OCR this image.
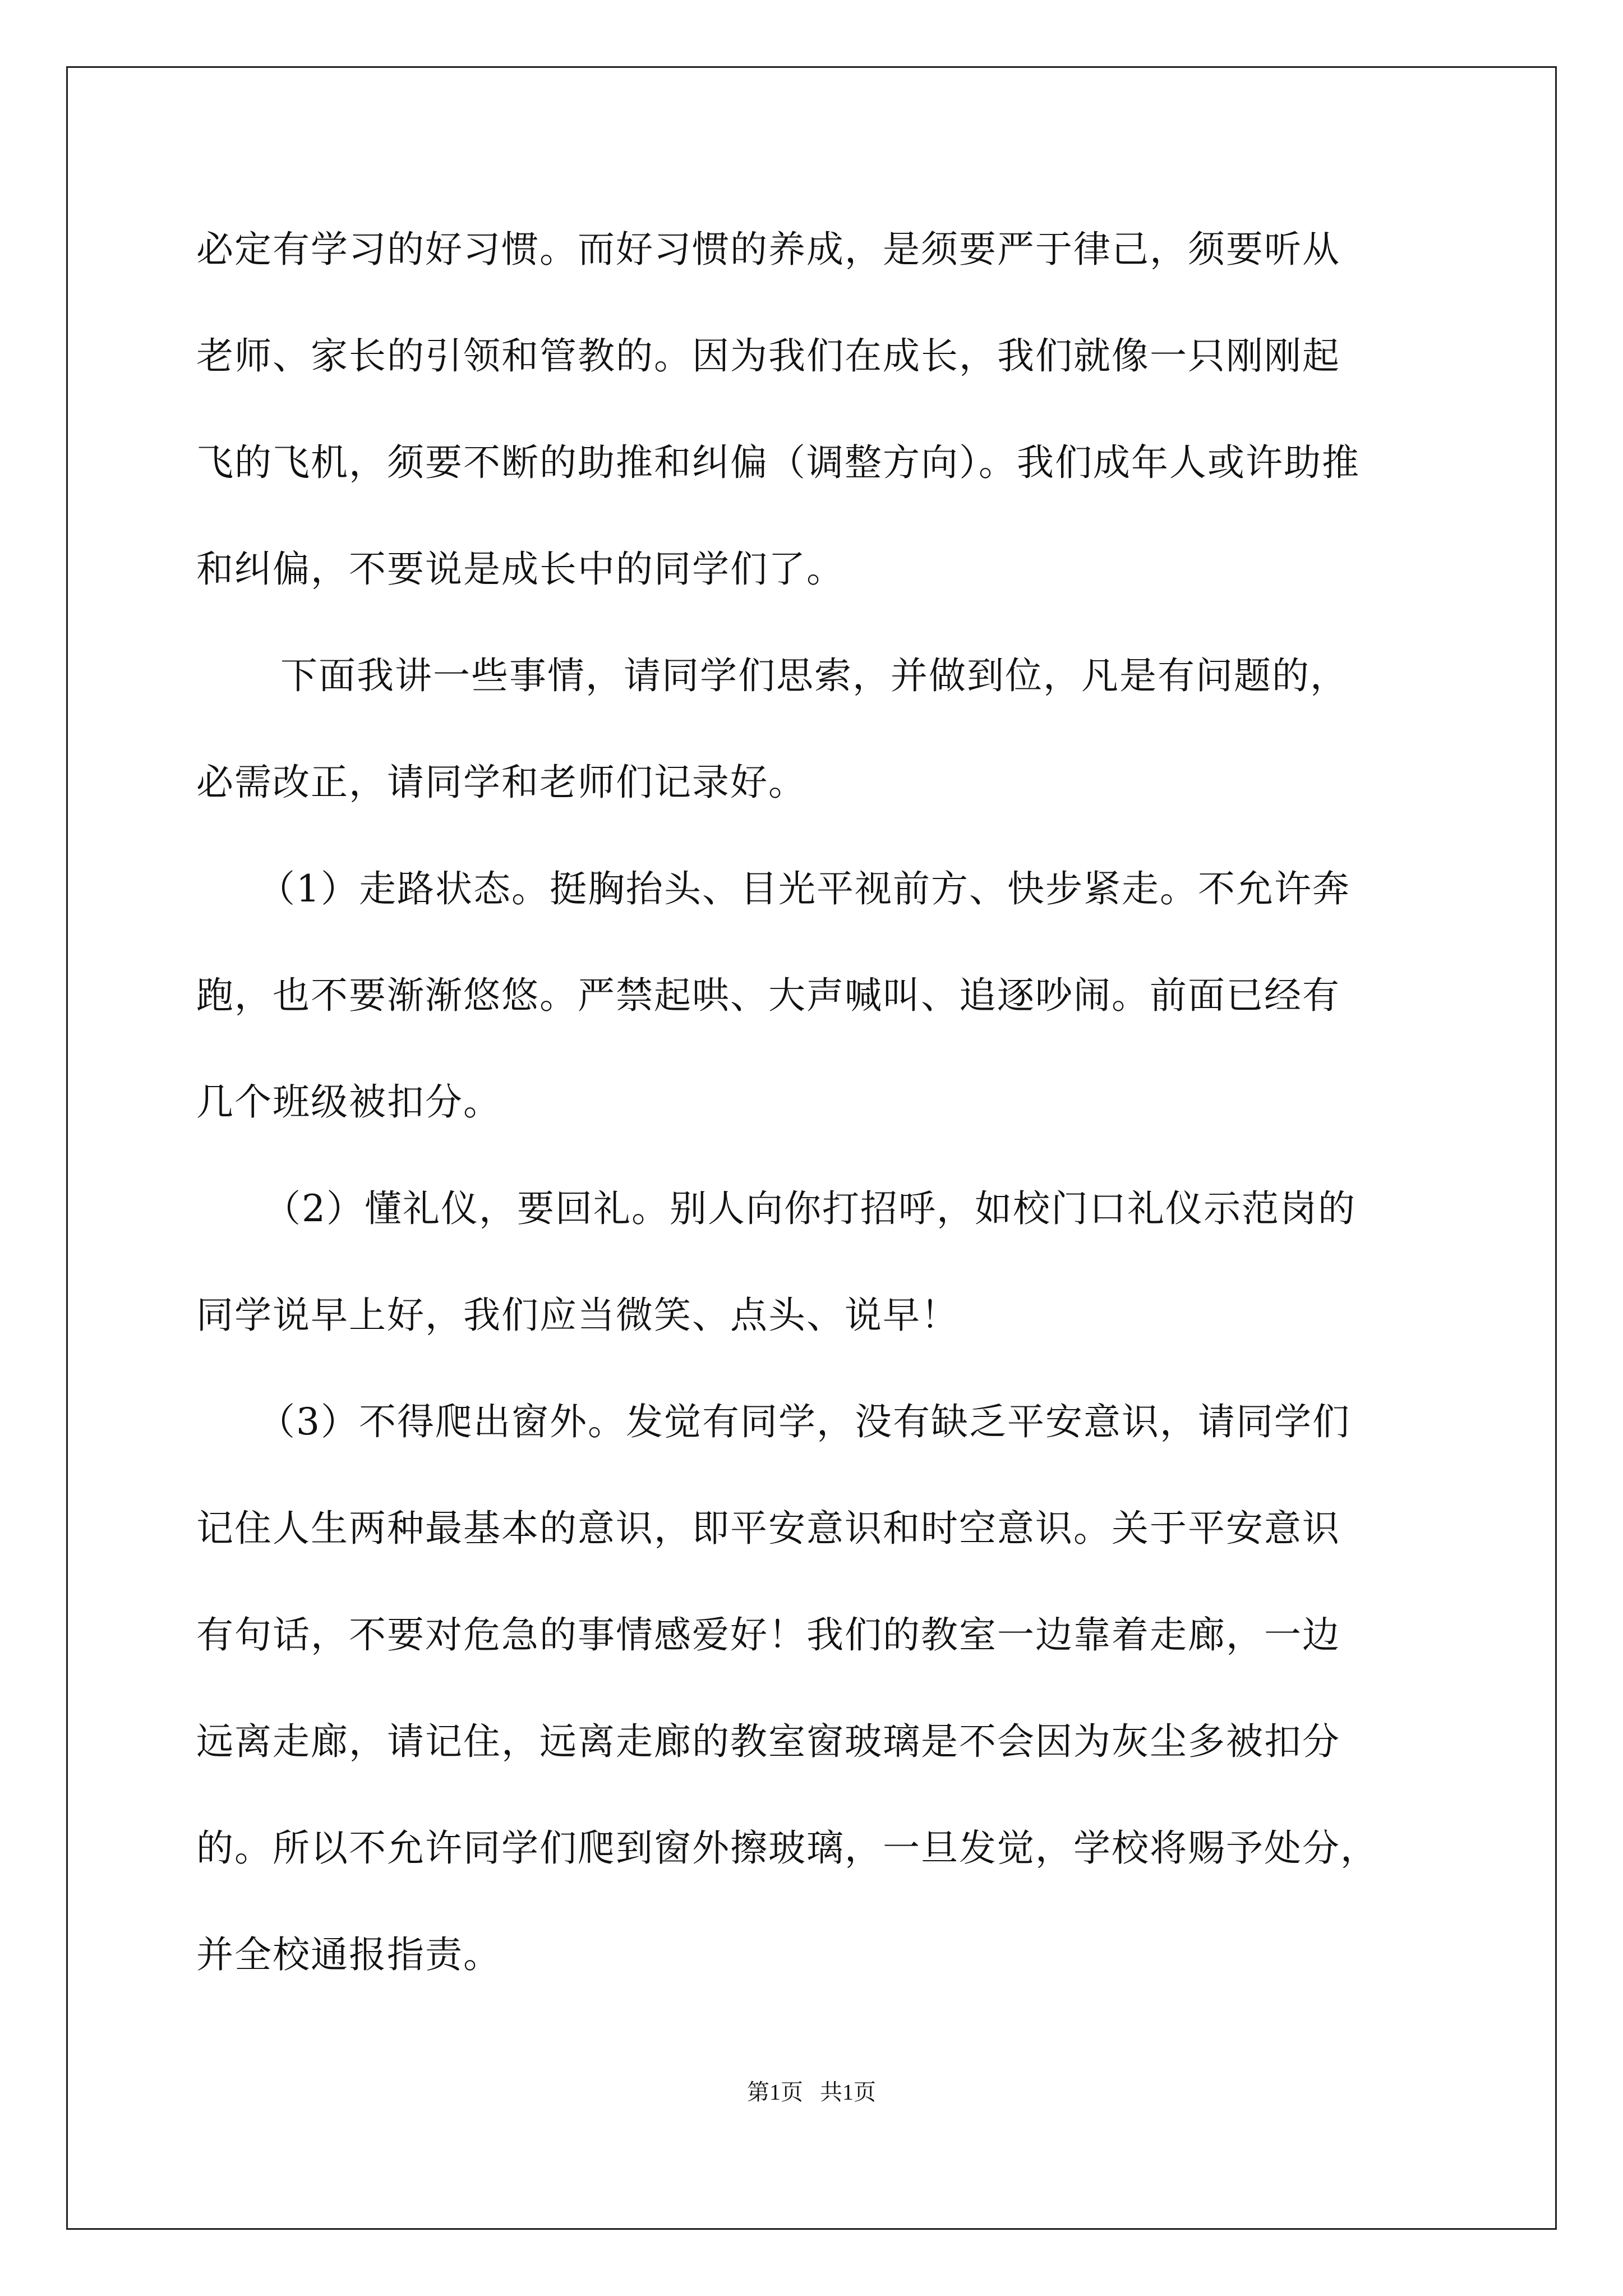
必定有学习的好习惯。而好习惯的养成，是须要严于律己，须要听从
老师、家长的引领和管教的。因为我们在成长，我们就像一只刚刚起
飞的飞机，须要不断的助推和纠偏（调整方向）。我们成年人或许助推
和纠偏，不要说是成长中的同学们了。
下面我讲一些事情，请同学们思索，并做到位，凡是有问题的，
必需改正，请同学和老师们记录好。
（1）走路状态。挺胸抬头、目光平视前方、快步紧走。不允许奔
跑，也不要渐渐悠悠。严禁起哄、大声喊叫、追逐吵闹。前面已经有
几个班级被扣分。
（2）懂礼仪，要回礼。别人向你打招呼，如校门口礼仪示范岗的
同学说早上好，我们应当微笑、点头、说早！
（3）不得爬出窗外。发觉有同学，没有缺乏平安意识，请同学们
记住人生两种最基本的意识，即平安意识和时空意识。关于平安意识
有句话，不要对危急的事情感爱好！我们的教室一边靠着走廊，一边
远离走廊，请记住，远离走廊的教室窗玻璃是不会因为灰尘多被扣分
的。所以不允许同学们爬到窗外擦玻璃，一旦发觉，学校将赐予处分，
并全校通报指责。
第1页   共1页
